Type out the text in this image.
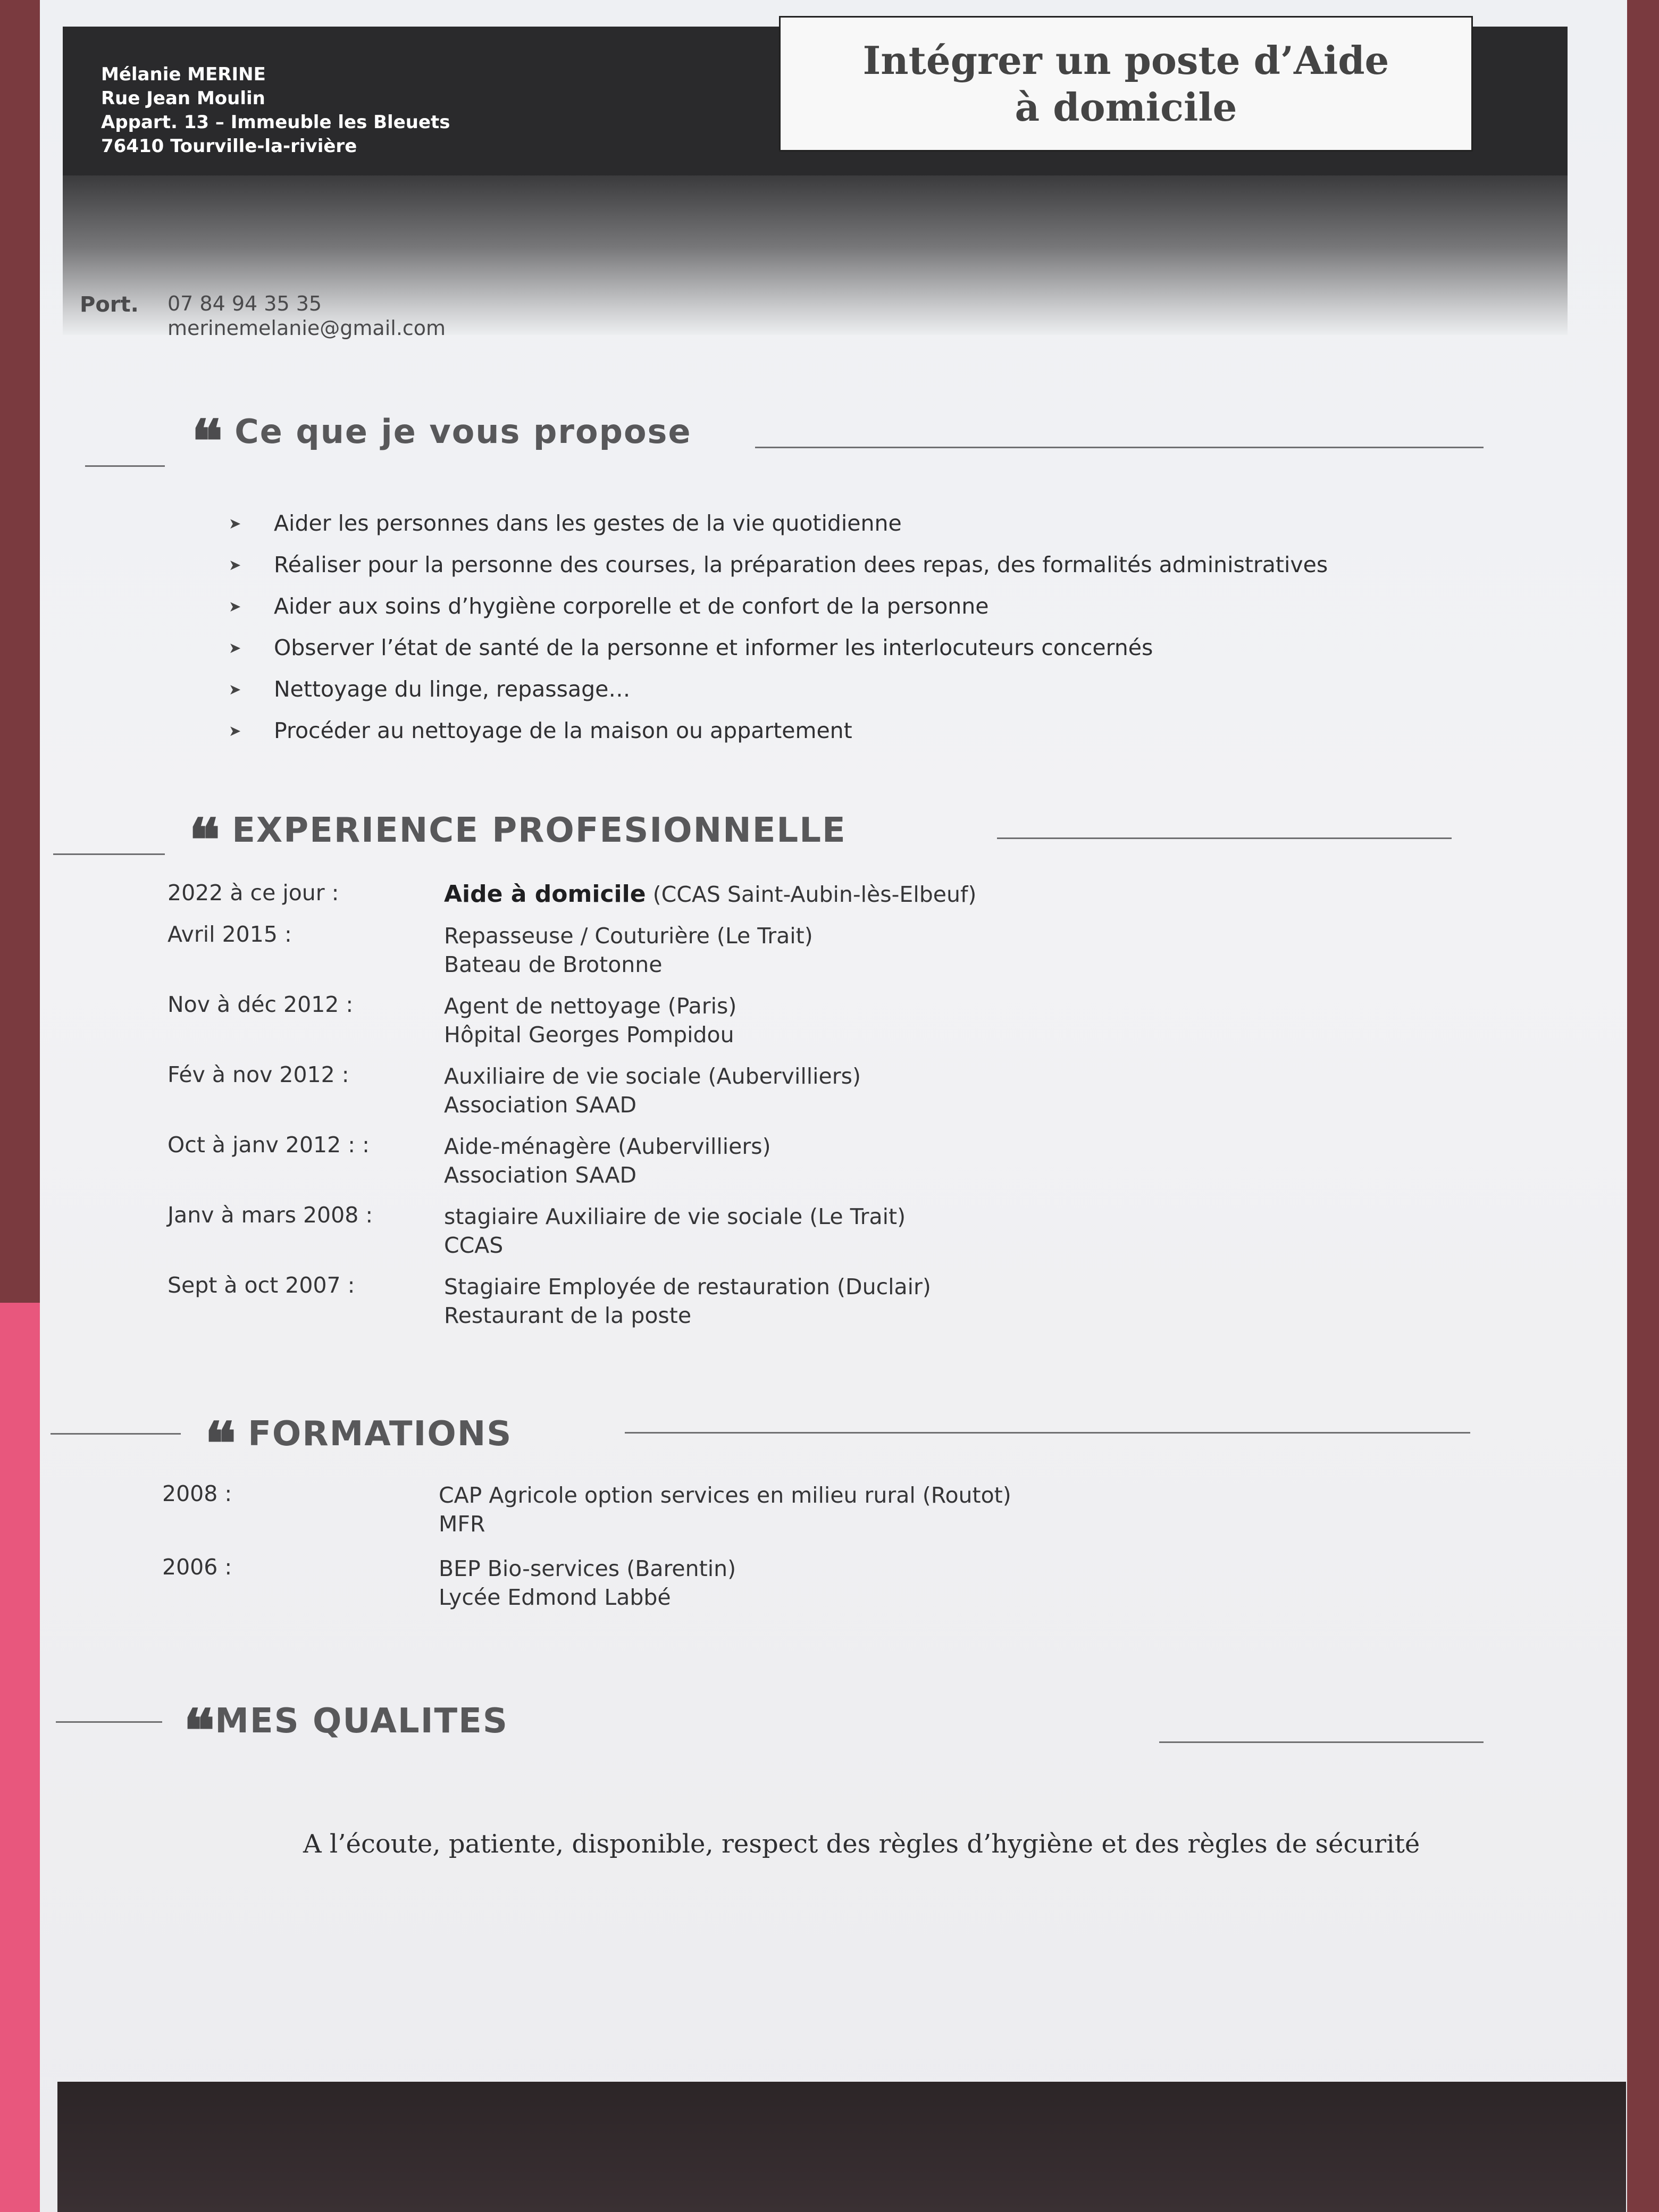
Mélanie MERINE
Rue Jean Moulin
Appart. 13 – Immeuble les Bleuets
76410 Tourville-la-rivière
Intégrer un poste d’Aide à domicile
Port. 07 84 94 35 35
merinemelanie@gmail.com
❝ Ce que je vous propose
➤	Aider les personnes dans les gestes de la vie quotidienne
➤	Réaliser pour la personne des courses, la préparation dees repas, des formalités administratives
➤	Aider aux soins d’hygiène corporelle et de confort de la personne
➤	Observer l’état de santé de la personne et informer les interlocuteurs concernés
➤	Nettoyage du linge, repassage…
➤	Procéder au nettoyage de la maison ou appartement
❝ EXPERIENCE PROFESIONNELLE
2022 à ce jour :	Aide à domicile (CCAS Saint-Aubin-lès-Elbeuf)
Avril 2015 :	Repasseuse / Couturière (Le Trait)
Bateau de Brotonne
Nov à déc 2012 :	Agent de nettoyage (Paris)
Hôpital Georges Pompidou
Fév à nov 2012 :	Auxiliaire de vie sociale (Aubervilliers)
Association SAAD
Oct à janv 2012 : :	Aide-ménagère (Aubervilliers)
Association SAAD
Janv à mars 2008 :	stagiaire Auxiliaire de vie sociale (Le Trait)
CCAS
Sept à oct 2007 :	Stagiaire Employée de restauration (Duclair)
Restaurant de la poste
❝ FORMATIONS
2008 :	CAP Agricole option services en milieu rural (Routot)
MFR
2006 :	BEP Bio-services (Barentin)
Lycée Edmond Labbé
❝ MES QUALITES
A l’écoute, patiente, disponible, respect des règles d’hygiène et des règles de sécurité
